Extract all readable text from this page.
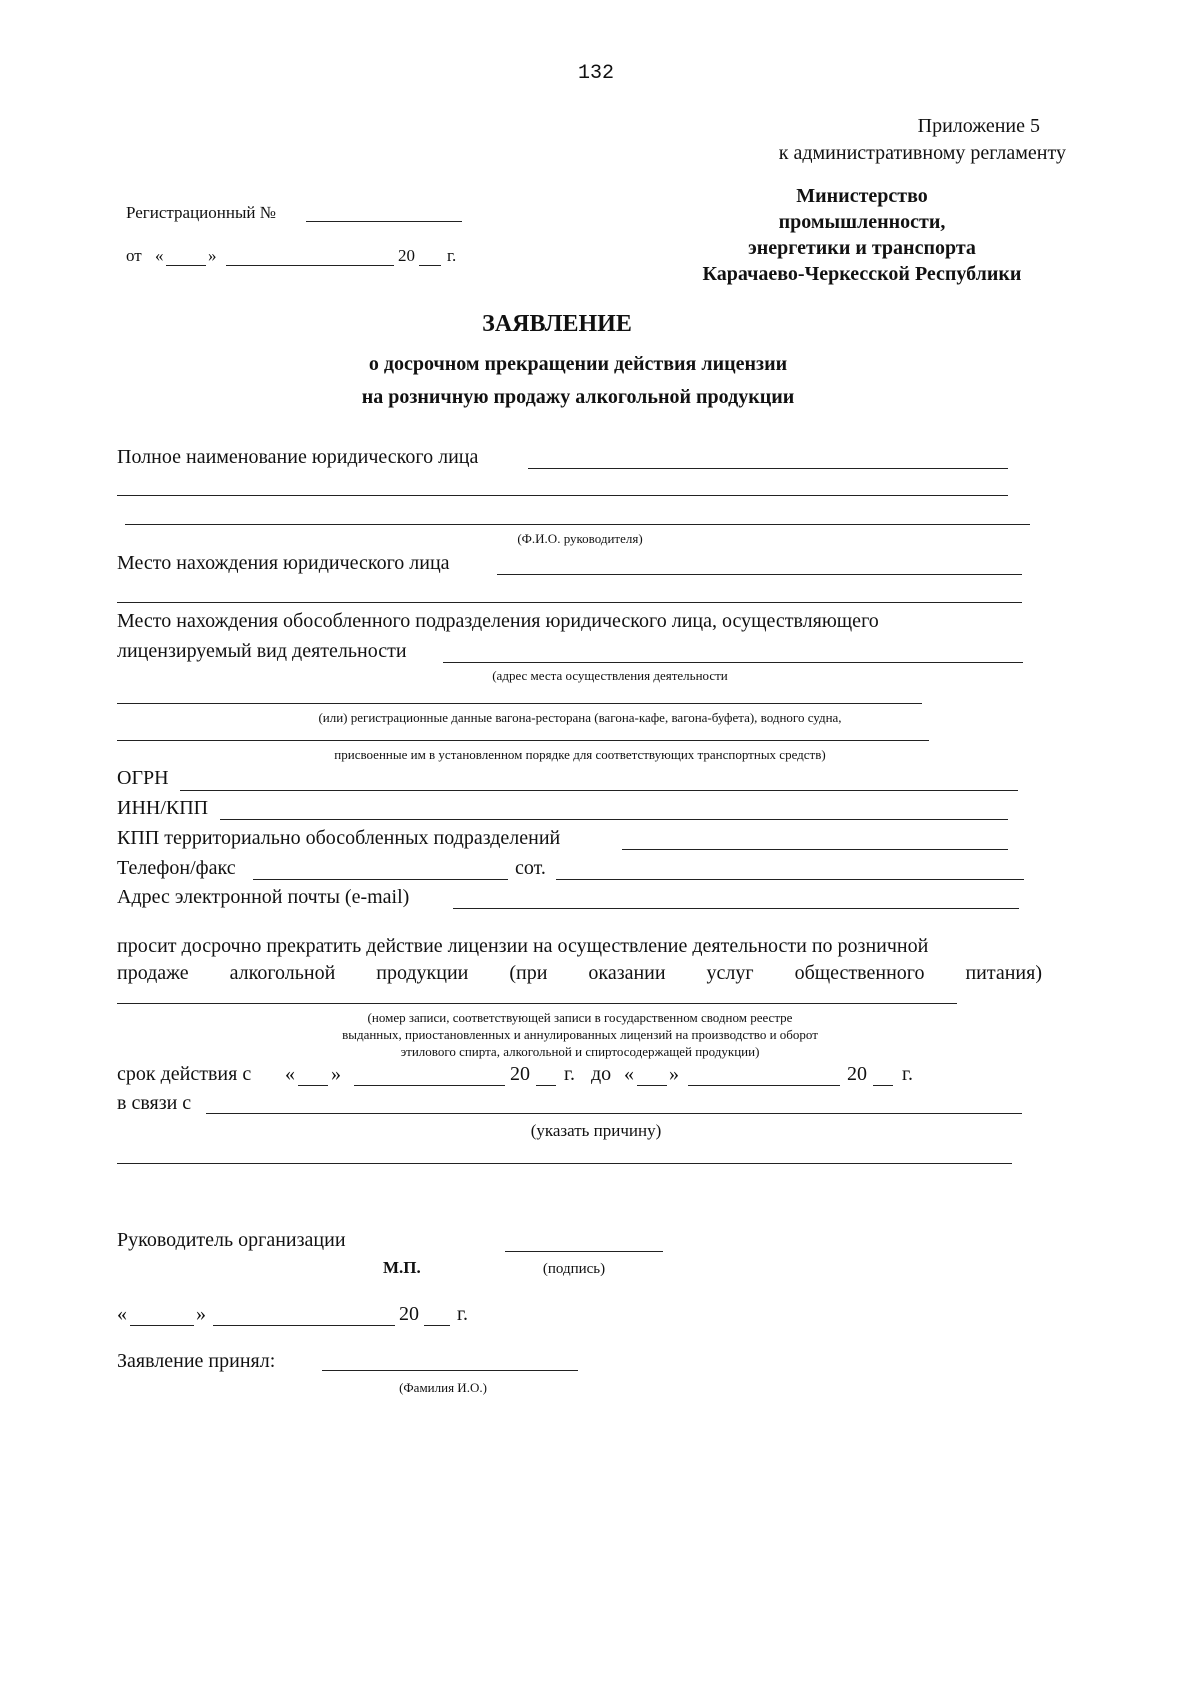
132
Приложение 5
к административному регламенту
Министерство
промышленности,
энергетики и транспорта
Карачаево-Черкесской Республики
Регистрационный №
от «	»	20 г.
ЗАЯВЛЕНИЕ
о досрочном прекращении действия лицензии
на розничную продажу алкогольной продукции
Полное наименование юридического лица
(Ф.И.О. руководителя)
Место нахождения юридического лица
Место нахождения обособленного подразделения юридического лица, осуществляющего
лицензируемый вид деятельности
(адрес места осуществления деятельности
(или) регистрационные данные вагона-ресторана (вагона-кафе, вагона-буфета), водного судна,
присвоенные им в установленном порядке для соответствующих транспортных средств)
ОГРН
ИНН/КПП
КПП территориально обособленных подразделений
Телефон/факс	сот.
Адрес электронной почты (e-mail)
просит досрочно прекратить действие лицензии на осуществление деятельности по розничной
продаже алкогольной продукции (при оказании услуг общественного питания)
(номер записи, соответствующей записи в государственном сводном реестре
выданных, приостановленных и аннулированных лицензий на производство и оборот
этилового спирта, алкогольной и спиртосодержащей продукции)
срок действия с « »	20 г. до « »	20 г.
в связи с
(указать причину)
Руководитель организации
М.П.	(подпись)
«	»	20 г.
Заявление принял:
(Фамилия И.О.)
